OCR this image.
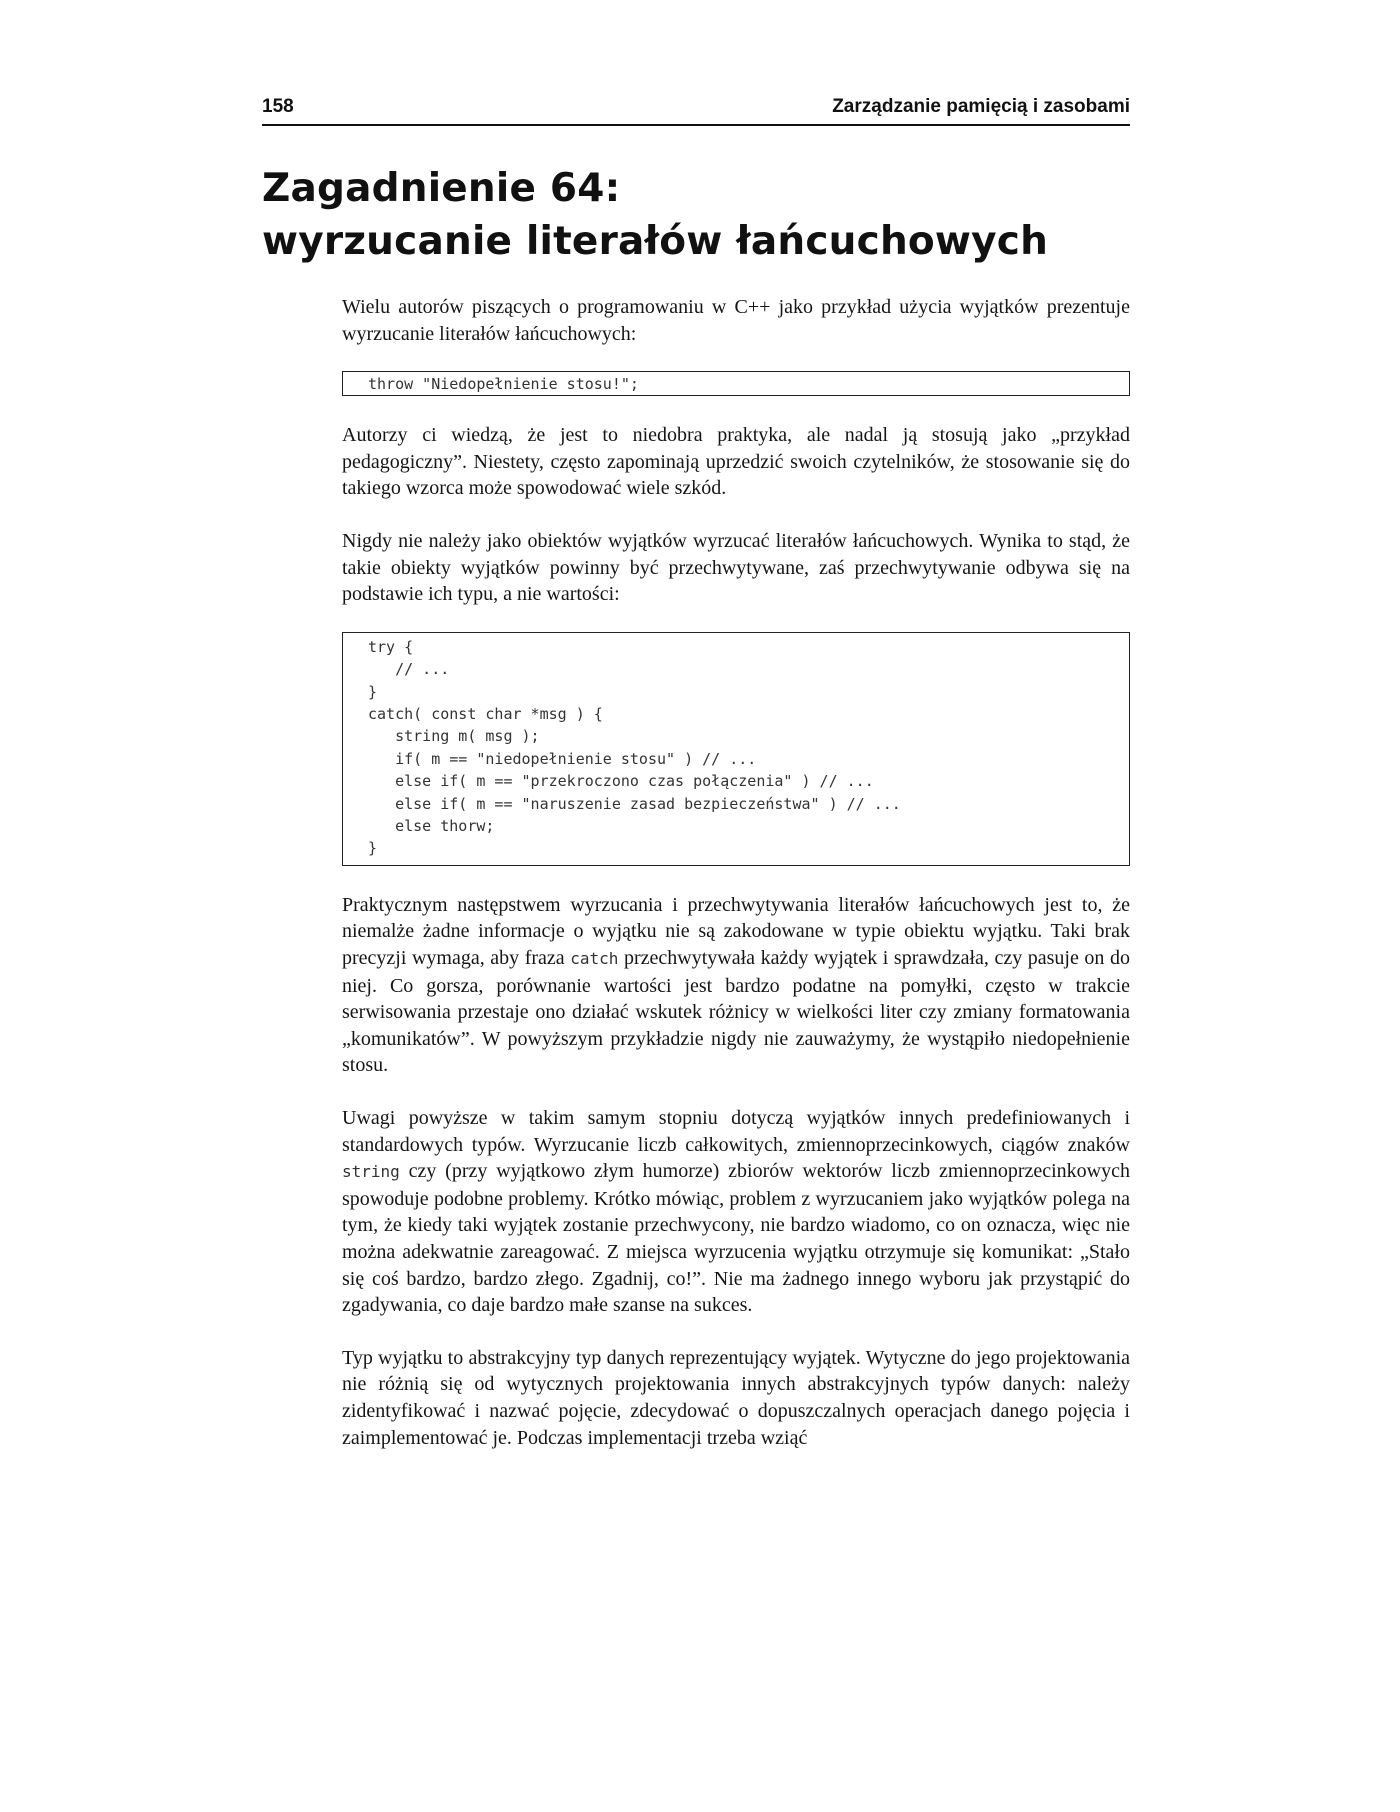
158	Zarządzanie pamięcią i zasobami
Zagadnienie 64:
wyrzucanie literałów łańcuchowych

Wielu autorów piszących o programowaniu w C++ jako przykład użycia wyjątków prezentuje wyrzucanie literałów łańcuchowych:

throw "Niedopełnienie stosu!";

Autorzy ci wiedzą, że jest to niedobra praktyka, ale nadal ją stosują jako „przykład pedagogiczny”. Niestety, często zapominają uprzedzić swoich czytelników, że stosowanie się do takiego wzorca może spowodować wiele szkód.

Nigdy nie należy jako obiektów wyjątków wyrzucać literałów łańcuchowych. Wynika to stąd, że takie obiekty wyjątków powinny być przechwytywane, zaś przechwytywanie odbywa się na podstawie ich typu, a nie wartości:

try {
// ...
}
catch( const char *msg ) {
string m( msg );
if( m == "niedopełnienie stosu" ) // ...
else if( m == "przekroczono czas połączenia" ) // ...
else if( m == "naruszenie zasad bezpieczeństwa" ) // ...
else thorw;
}

Praktycznym następstwem wyrzucania i przechwytywania literałów łańcuchowych jest to, że niemalże żadne informacje o wyjątku nie są zakodowane w typie obiektu wyjątku. Taki brak precyzji wymaga, aby fraza catch przechwytywała każdy wyjątek i sprawdzała, czy pasuje on do niej. Co gorsza, porównanie wartości jest bardzo podatne na pomyłki, często w trakcie serwisowania przestaje ono działać wskutek różnicy w wielkości liter czy zmiany formatowania „komunikatów”. W powyższym przykładzie nigdy nie zauważymy, że wystąpiło niedopełnienie stosu.

Uwagi powyższe w takim samym stopniu dotyczą wyjątków innych predefiniowanych i standardowych typów. Wyrzucanie liczb całkowitych, zmiennoprzecinkowych, ciągów znaków string czy (przy wyjątkowo złym humorze) zbiorów wektorów liczb zmiennoprzecinkowych spowoduje podobne problemy. Krótko mówiąc, problem z wyrzucaniem jako wyjątków polega na tym, że kiedy taki wyjątek zostanie przechwycony, nie bardzo wiadomo, co on oznacza, więc nie można adekwatnie zareagować. Z miejsca wyrzucenia wyjątku otrzymuje się komunikat: „Stało się coś bardzo, bardzo złego. Zgadnij, co!”. Nie ma żadnego innego wyboru jak przystąpić do zgadywania, co daje bardzo małe szanse na sukces.

Typ wyjątku to abstrakcyjny typ danych reprezentujący wyjątek. Wytyczne do jego projektowania nie różnią się od wytycznych projektowania innych abstrakcyjnych typów danych: należy zidentyfikować i nazwać pojęcie, zdecydować o dopuszczalnych operacjach danego pojęcia i zaimplementować je. Podczas implementacji trzeba wziąć
